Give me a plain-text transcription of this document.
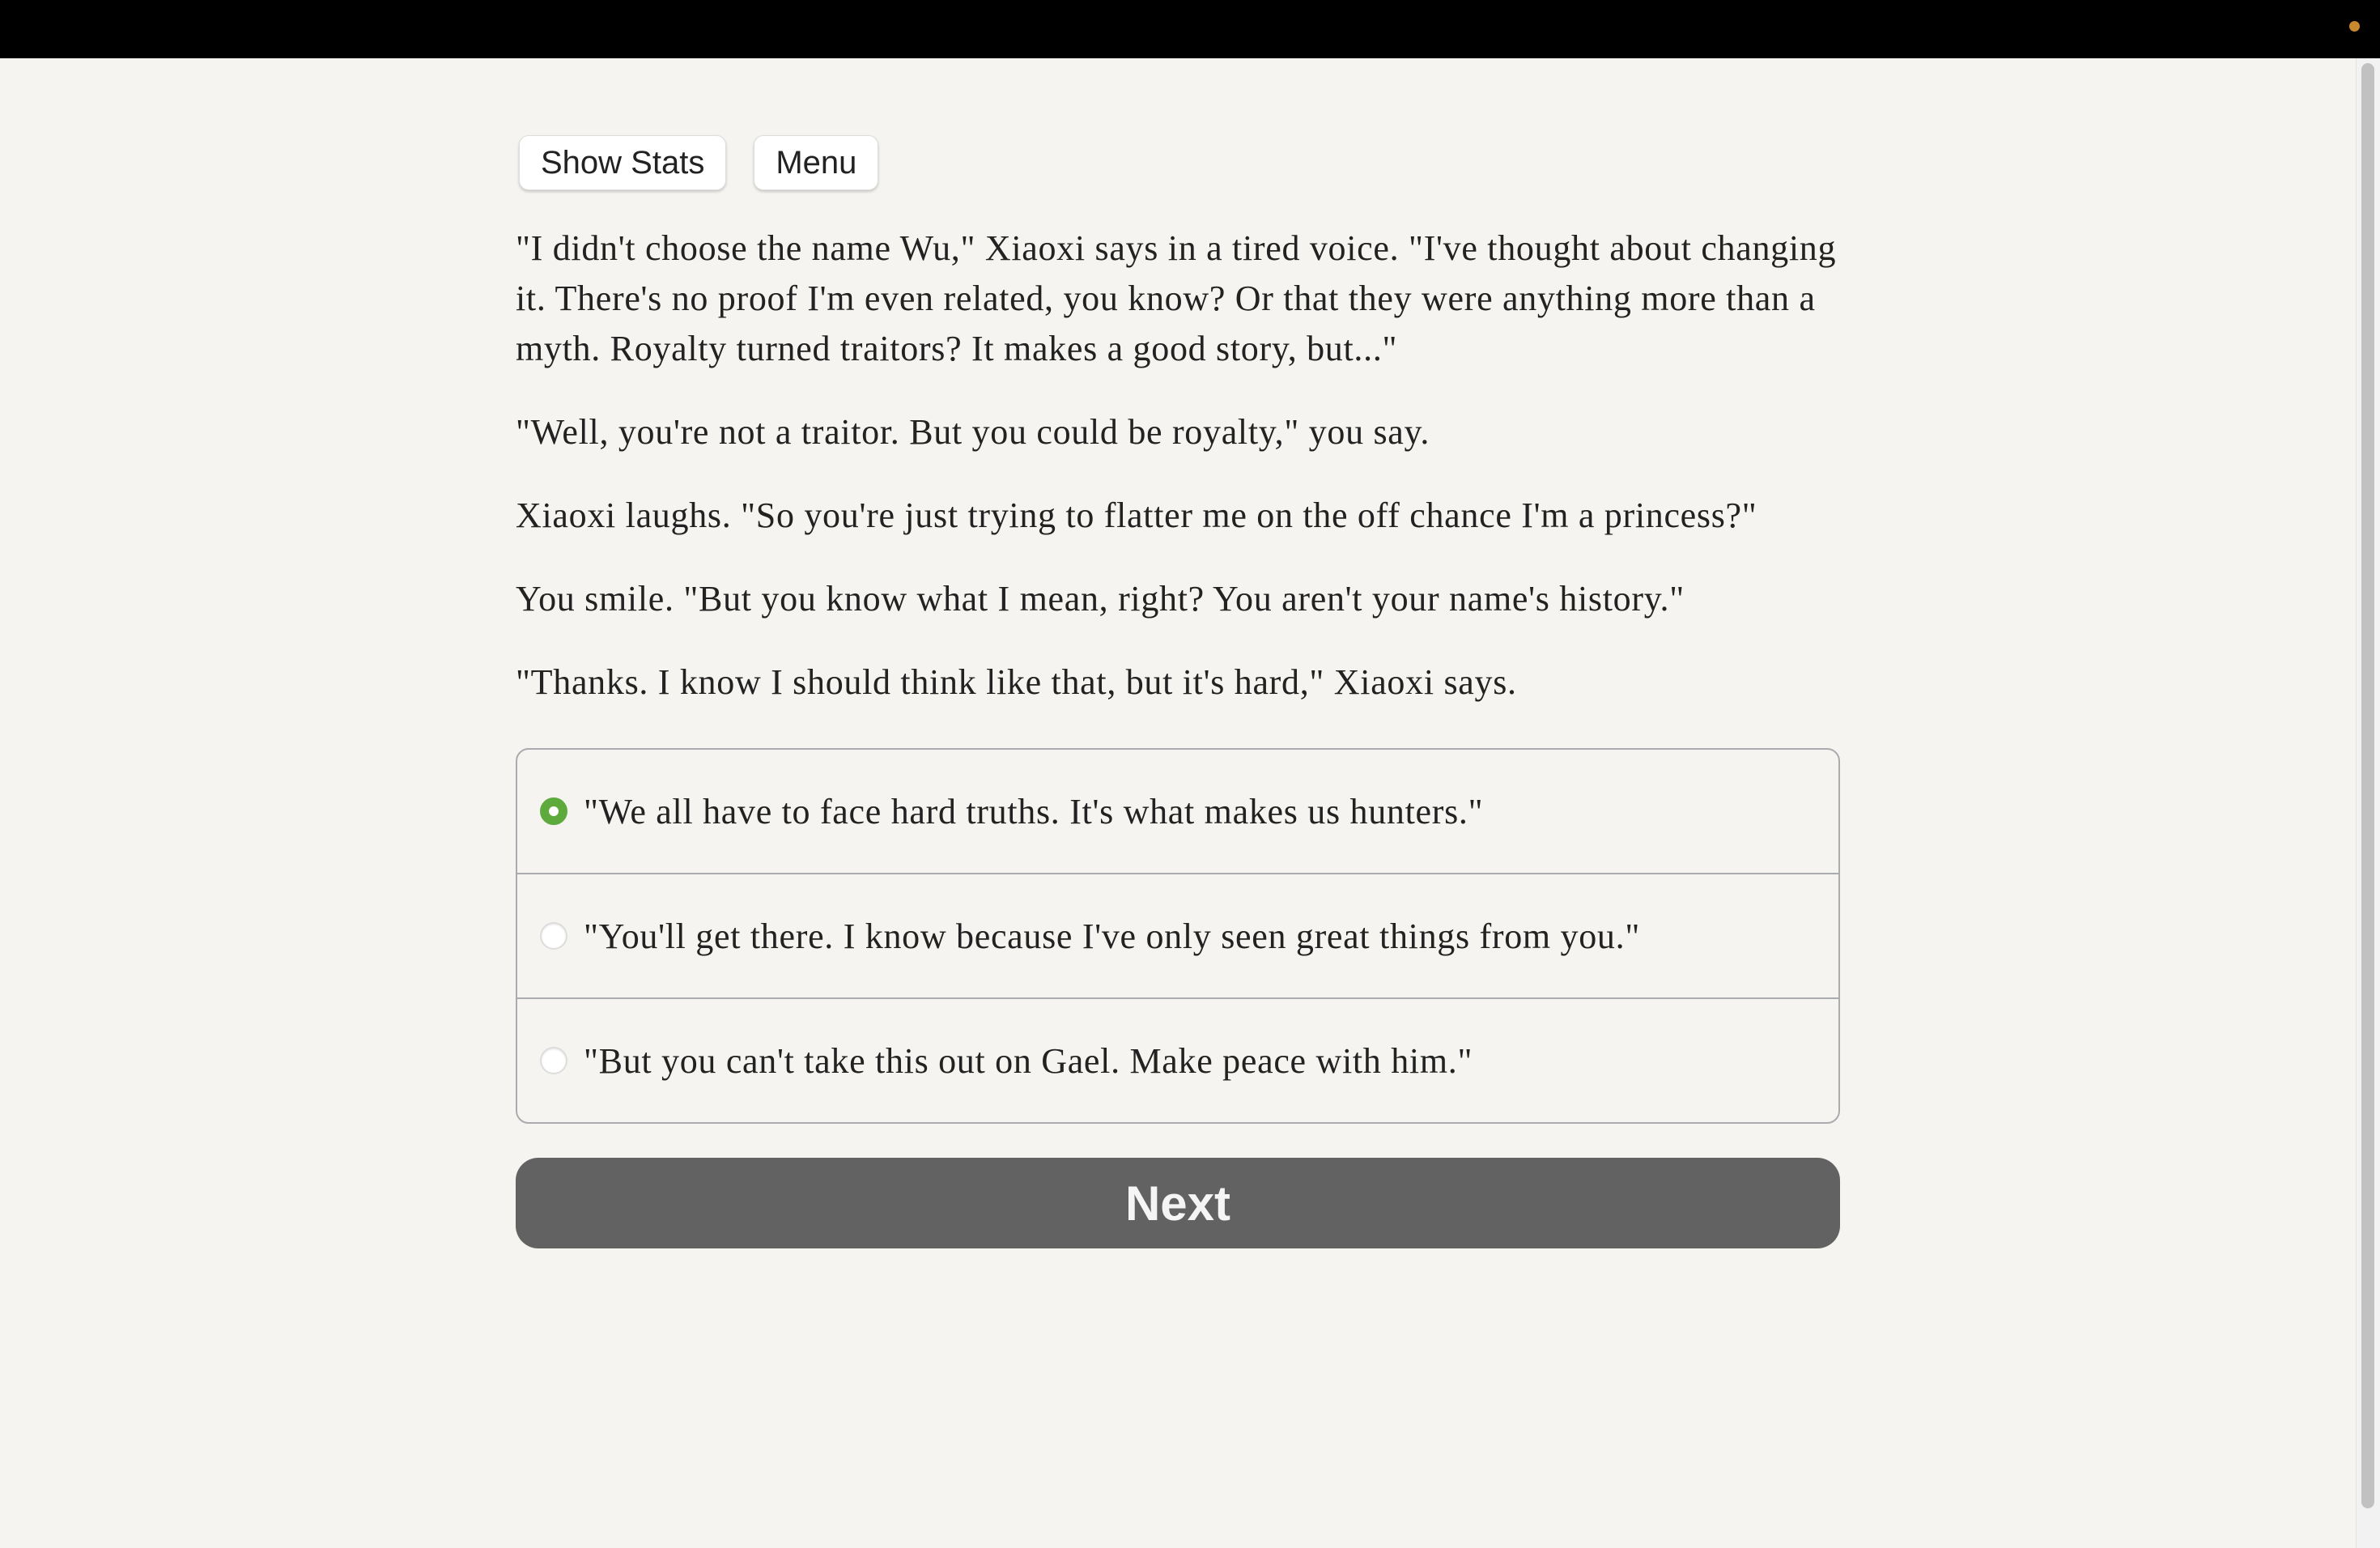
Show Stats	Menu

"I didn't choose the name Wu," Xiaoxi says in a tired voice. "I've thought about changing it. There's no proof I'm even related, you know? Or that they were anything more than a myth. Royalty turned traitors? It makes a good story, but..."

"Well, you're not a traitor. But you could be royalty," you say.

Xiaoxi laughs. "So you're just trying to flatter me on the off chance I'm a princess?"

You smile. "But you know what I mean, right? You aren't your name's history."

"Thanks. I know I should think like that, but it's hard," Xiaoxi says.

"We all have to face hard truths. It's what makes us hunters."
"You'll get there. I know because I've only seen great things from you."
"But you can't take this out on Gael. Make peace with him."
Next
